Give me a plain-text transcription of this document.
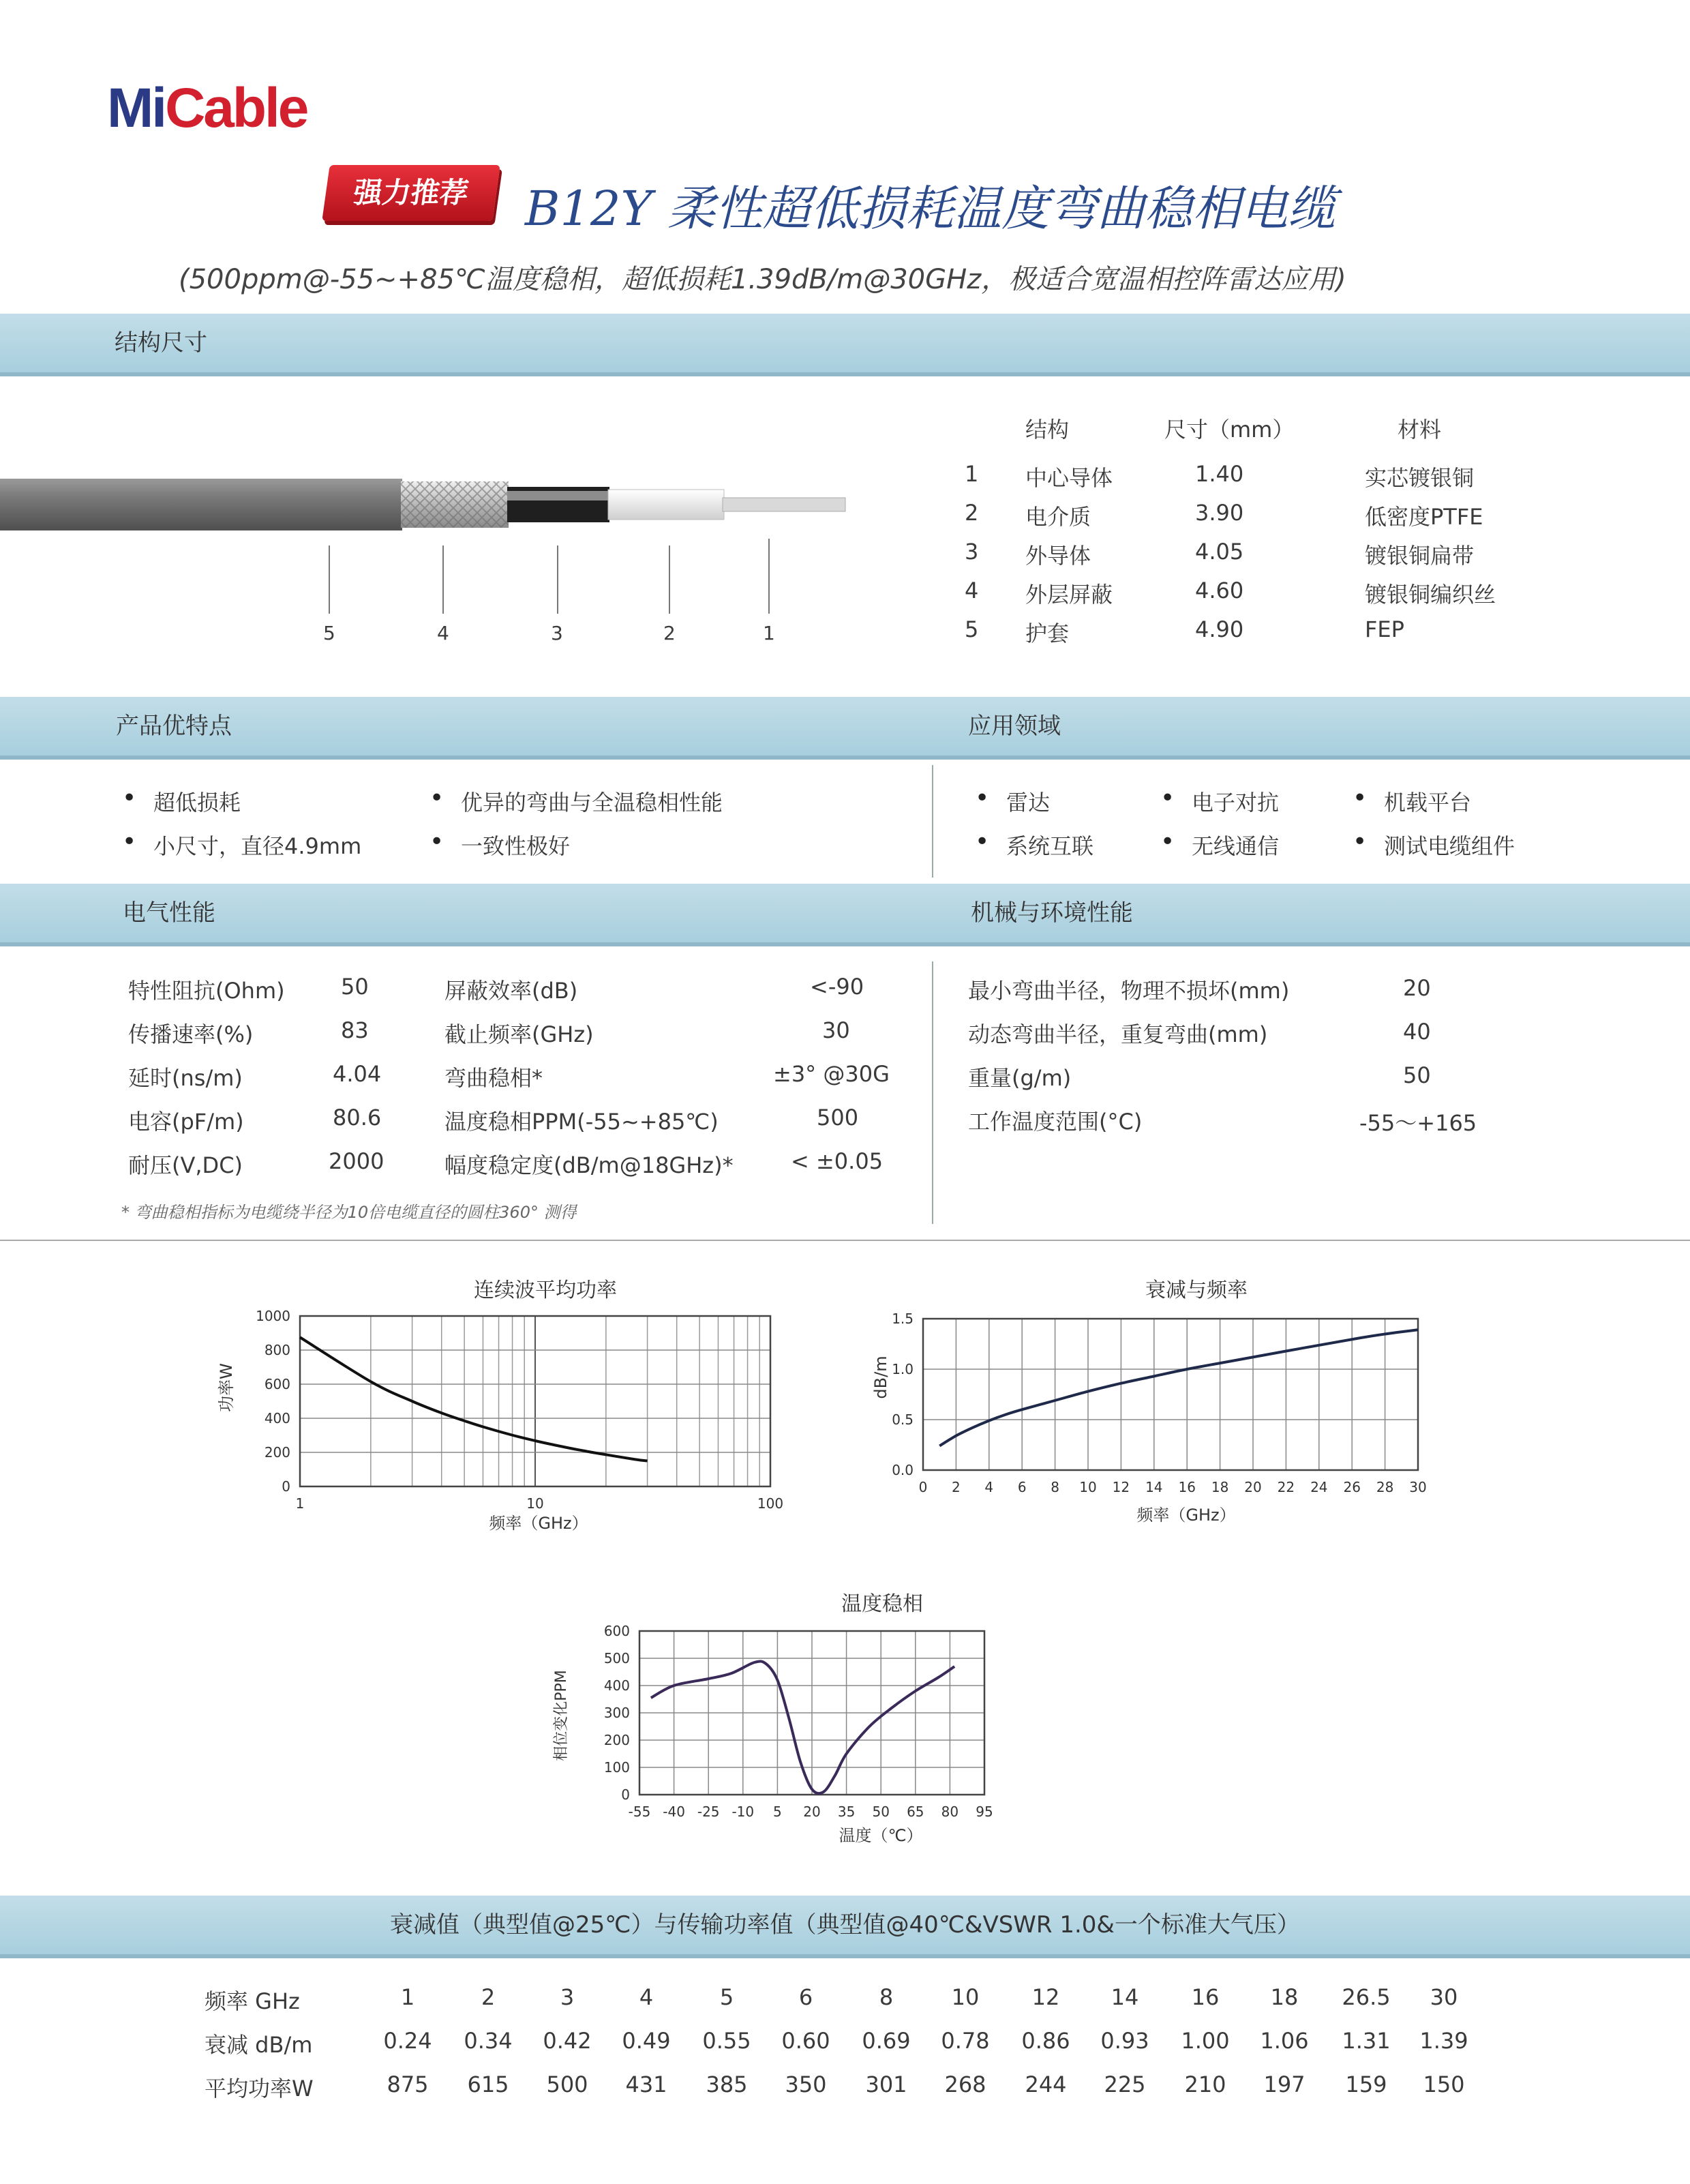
MiCable
强力推荐	B12Y 柔性超低损耗温度弯曲稳相电缆
(500ppm@-55~+85℃温度稳相，超低损耗1.39dB/m@30GHz，极适合宽温相控阵雷达应用)
结构尺寸
5	4	3	2	1
结构	尺寸（mm）	材料
1 中心导体	1.40	实芯镀银铜
2 电介质	3.90	低密度PTFE
3 外导体	4.05	镀银铜扁带
4 外层屏蔽	4.60	镀银铜编织丝
5 护套	4.90	FEP
产品优特点	应用领域
• 超低损耗	• 优异的弯曲与全温稳相性能
• 小尺寸，直径4.9mm	• 一致性极好
• 雷达	• 电子对抗	• 机载平台
• 系统互联	• 无线通信	• 测试电缆组件
电气性能	机械与环境性能
特性阻抗(Ohm)	50	屏蔽效率(dB)	<-90
传播速率(%)	83	截止频率(GHz)	30
延时(ns/m)	4.04	弯曲稳相*	±3° @30G
电容(pF/m)	80.6	温度稳相PPM(-55~+85℃)	500
耐压(V,DC)	2000	幅度稳定度(dB/m@18GHz)*	< ±0.05
* 弯曲稳相指标为电缆绕半径为10倍电缆直径的圆柱360° 测得
最小弯曲半径，物理不损坏(mm)	20
动态弯曲半径，重复弯曲(mm)	40
重量(g/m)	50
工作温度范围(°C)	-55～+165
连续波平均功率
功率W
频率（GHz）
0
200
400
600
800
1000
1	10	100
衰减与频率
dB/m
频率（GHz）
0.0
0.5
1.0
1.5
0 2 4 6 8 10 12 14 16 18 20 22 24 26 28 30
温度稳相
相位变化PPM
温度（℃）
0
100
200
300
400
500
600
-55 -40 -25 -10 5 20 35 50 65 80 95
衰减值（典型值@25℃）与传输功率值（典型值@40℃&VSWR 1.0&一个标准大气压）
频率 GHz	1	2	3	4	5	6	8	10	12	14	16	18	26.5	30
衰减 dB/m	0.24	0.34	0.42	0.49	0.55	0.60	0.69	0.78	0.86	0.93	1.00	1.06	1.31	1.39
平均功率W	875	615	500	431	385	350	301	268	244	225	210	197	159	150
